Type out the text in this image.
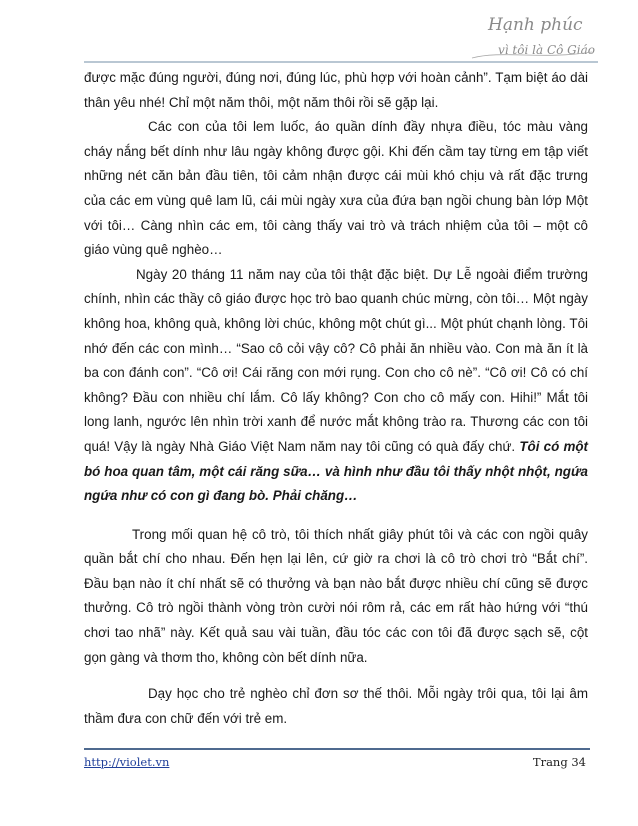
Hạnh phúc
vì tôi là Cô Giáo

được mặc đúng người, đúng nơi, đúng lúc, phù hợp với hoàn cảnh”. Tạm biệt áo dài thân yêu nhé! Chỉ một năm thôi, một năm thôi rồi sẽ gặp lại.

Các con của tôi lem luốc, áo quần dính đầy nhựa điều, tóc màu vàng cháy nắng bết dính như lâu ngày không được gội. Khi đến cầm tay từng em tập viết những nét căn bản đầu tiên, tôi cảm nhận được cái mùi khó chịu và rất đặc trưng của các em vùng quê lam lũ, cái mùi ngày xưa của đứa bạn ngồi chung bàn lớp Một với tôi… Càng nhìn các em, tôi càng thấy vai trò và trách nhiệm của tôi – một cô giáo vùng quê nghèo…

Ngày 20 tháng 11 năm nay của tôi thật đặc biệt. Dự Lễ ngoài điểm trường chính, nhìn các thầy cô giáo được học trò bao quanh chúc mừng, còn tôi… Một ngày không hoa, không quà, không lời chúc, không một chút gì... Một phút chạnh lòng. Tôi nhớ đến các con mình… “Sao cô cỏi vậy cô? Cô phải ăn nhiều vào. Con mà ăn ít là ba con đánh con”. “Cô ơi! Cái răng con mới rụng. Con cho cô nè”. “Cô ơi! Cô có chí không? Đầu con nhiều chí lắm. Cô lấy không? Con cho cô mấy con. Hihi!” Mắt tôi long lanh, ngước lên nhìn trời xanh để nước mắt không trào ra. Thương các con tôi quá! Vậy là ngày Nhà Giáo Việt Nam năm nay tôi cũng có quà đấy chứ. Tôi có một bó hoa quan tâm, một cái răng sữa… và hình như đầu tôi thấy nhột nhột, ngứa ngứa như có con gì đang bò. Phải chăng…

Trong mối quan hệ cô trò, tôi thích nhất giây phút tôi và các con ngồi quây quần bắt chí cho nhau. Đến hẹn lại lên, cứ giờ ra chơi là cô trò chơi trò “Bắt chí”. Đầu bạn nào ít chí nhất sẽ có thưởng và bạn nào bắt được nhiều chí cũng sẽ được thưởng. Cô trò ngồi thành vòng tròn cười nói rôm rả, các em rất hào hứng với “thú chơi tao nhã” này. Kết quả sau vài tuần, đầu tóc các con tôi đã được sạch sẽ, cột gọn gàng và thơm tho, không còn bết dính nữa.

Dạy học cho trẻ nghèo chỉ đơn sơ thế thôi. Mỗi ngày trôi qua, tôi lại âm thầm đưa con chữ đến với trẻ em.

http://violet.vn	Trang 34
